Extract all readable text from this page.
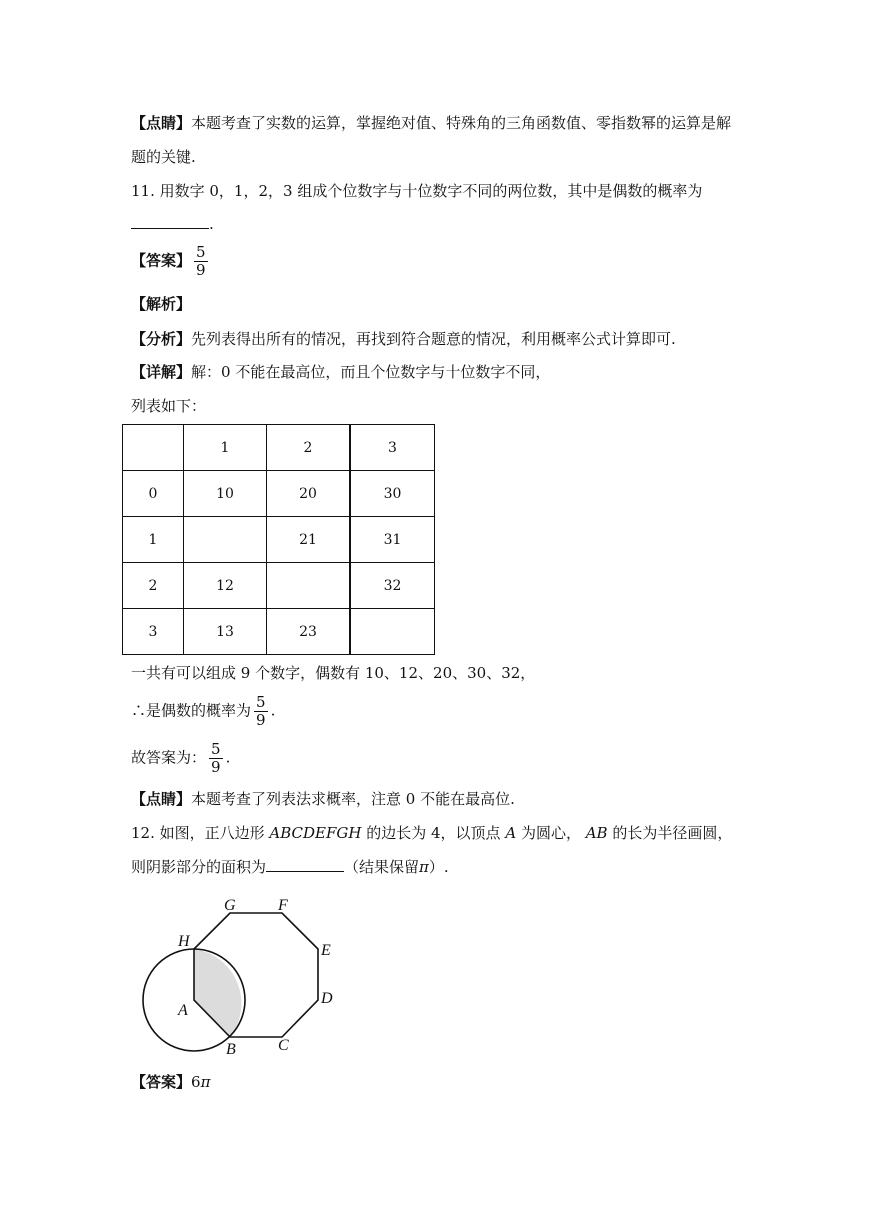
【点睛】本题考查了实数的运算，掌握绝对值、特殊角的三角函数值、零指数幂的运算是解
题的关键.
11. 用数字 0，1，2，3 组成个位数字与十位数字不同的两位数，其中是偶数的概率为
.
【答案】 $\frac{5}{9}$
【解析】
【分析】先列表得出所有的情况，再找到符合题意的情况，利用概率公式计算即可.
【详解】解：0 不能在最高位，而且个位数字与十位数字不同，
列表如下：
	1	2	3
0	10	20	30
1		21	31
2	12		32
3	13	23	
一共有可以组成 9 个数字，偶数有 10、12、20、30、32，
∴是偶数的概率为 $\frac{5}{9}$ .
故答案为： $\frac{5}{9}$ .
【点睛】本题考查了列表法求概率，注意 0 不能在最高位.
12. 如图，正八边形 ABCDEFGH 的边长为 4，以顶点 A 为圆心， AB 的长为半径画圆，
则阴影部分的面积为	（结果保留π）.
G	F
H
E
D
A
B	C
【答案】6π
